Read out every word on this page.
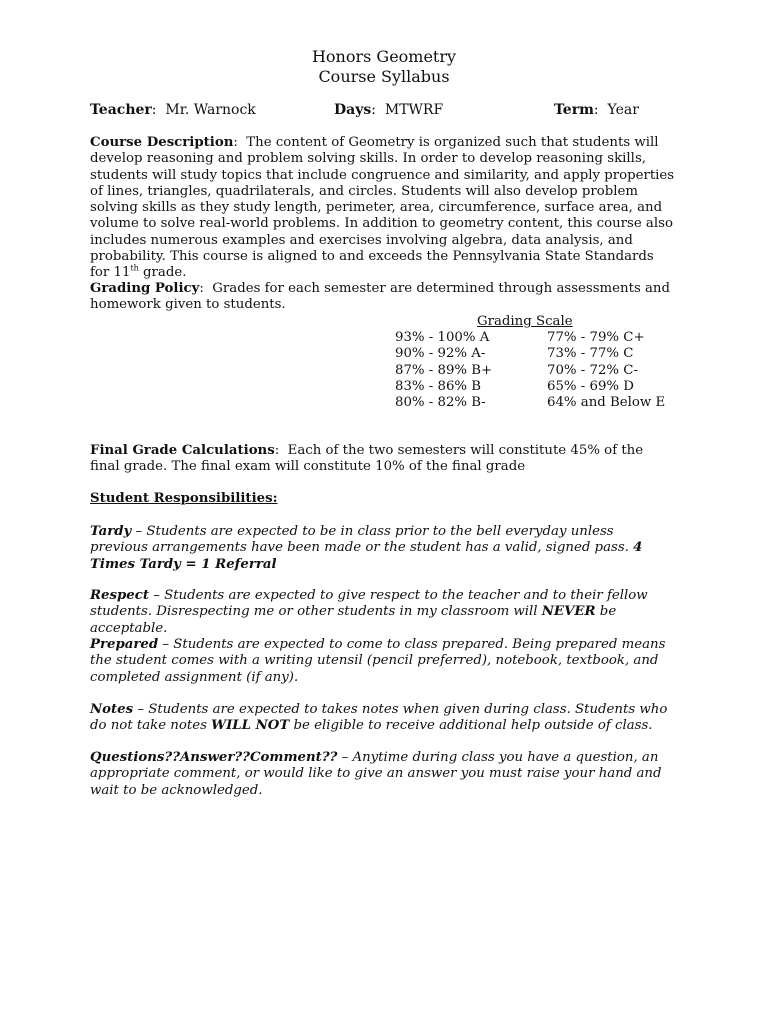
Honors Geometry
Course Syllabus
Teacher:  Mr. Warnock	Days:  MTWRF	Term:  Year

Course Description:  The content of Geometry is organized such that students will develop reasoning and problem solving skills. In order to develop reasoning skills, students will study topics that include congruence and similarity, and apply properties of lines, triangles, quadrilaterals, and circles. Students will also develop problem solving skills as they study length, perimeter, area, circumference, surface area, and volume to solve real-world problems. In addition to geometry content, this course also includes numerous examples and exercises involving algebra, data analysis, and probability. This course is aligned to and exceeds the Pennsylvania State Standards for 11th grade.

Grading Policy:  Grades for each semester are determined through assessments and homework given to students.

Grading Scale
93% - 100% A	77% - 79% C+
90% - 92% A-	73% - 77% C
87% - 89% B+	70% - 72% C-
83% - 86% B	65% - 69% D
80% - 82% B-	64% and Below E

Final Grade Calculations:  Each of the two semesters will constitute 45% of the final grade. The final exam will constitute 10% of the final grade

Student Responsibilities:
Tardy – Students are expected to be in class prior to the bell everyday unless previous arrangements have been made or the student has a valid, signed pass. 4 Times Tardy = 1 Referral
Respect – Students are expected to give respect to the teacher and to their fellow students. Disrespecting me or other students in my classroom will NEVER be acceptable.
Prepared – Students are expected to come to class prepared. Being prepared means the student comes with a writing utensil (pencil preferred), notebook, textbook, and completed assignment (if any).
Notes – Students are expected to takes notes when given during class. Students who do not take notes WILL NOT be eligible to receive additional help outside of class.
Questions??Answer??Comment?? – Anytime during class you have a question, an appropriate comment, or would like to give an answer you must raise your hand and wait to be acknowledged.
